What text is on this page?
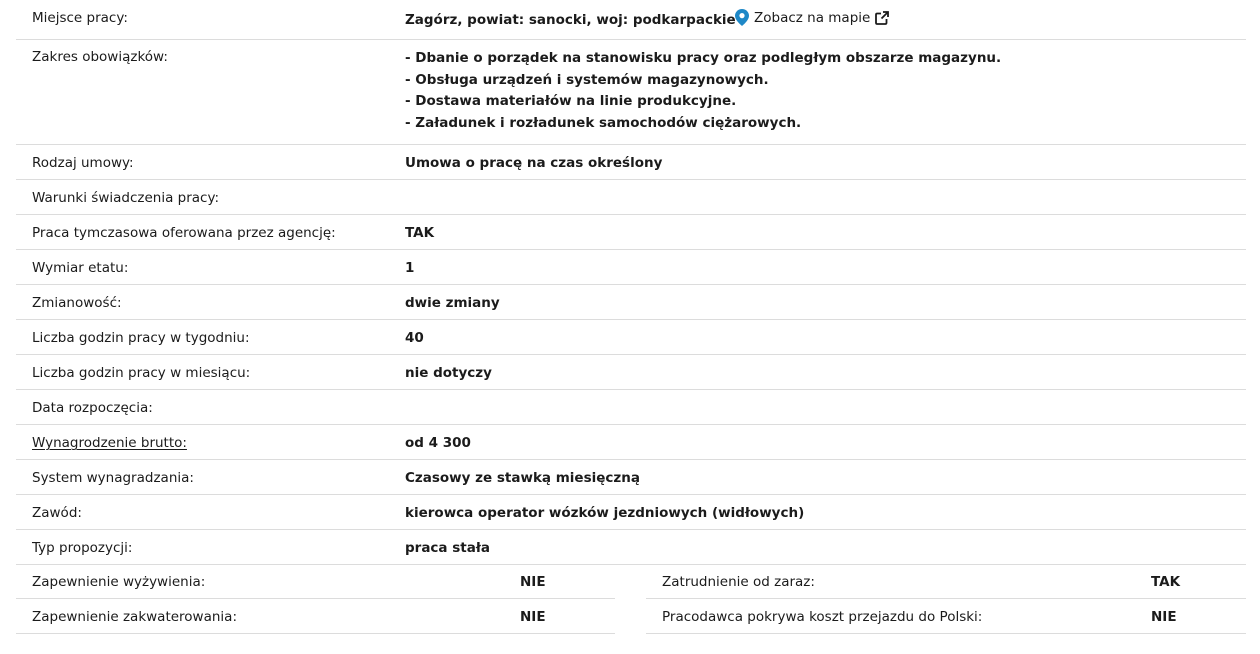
Miejsce pracy:	Zagórz, powiat: sanocki, woj: podkarpackie Zobacz na mapie
Zakres obowiązków:	- Dbanie o porządek na stanowisku pracy oraz podległym obszarze magazynu.
- Obsługa urządzeń i systemów magazynowych.
- Dostawa materiałów na linie produkcyjne.
- Załadunek i rozładunek samochodów ciężarowych.
Rodzaj umowy:	Umowa o pracę na czas określony
Warunki świadczenia pracy:
Praca tymczasowa oferowana przez agencję:	TAK
Wymiar etatu:	1
Zmianowość:	dwie zmiany
Liczba godzin pracy w tygodniu:	40
Liczba godzin pracy w miesiącu:	nie dotyczy
Data rozpoczęcia:
Wynagrodzenie brutto:	od 4 300
System wynagradzania:	Czasowy ze stawką miesięczną
Zawód:	kierowca operator wózków jezdniowych (widłowych)
Typ propozycji:	praca stała
Zapewnienie wyżywienia:	NIE	Zatrudnienie od zaraz:	TAK
Zapewnienie zakwaterowania:	NIE	Pracodawca pokrywa koszt przejazdu do Polski:	NIE
